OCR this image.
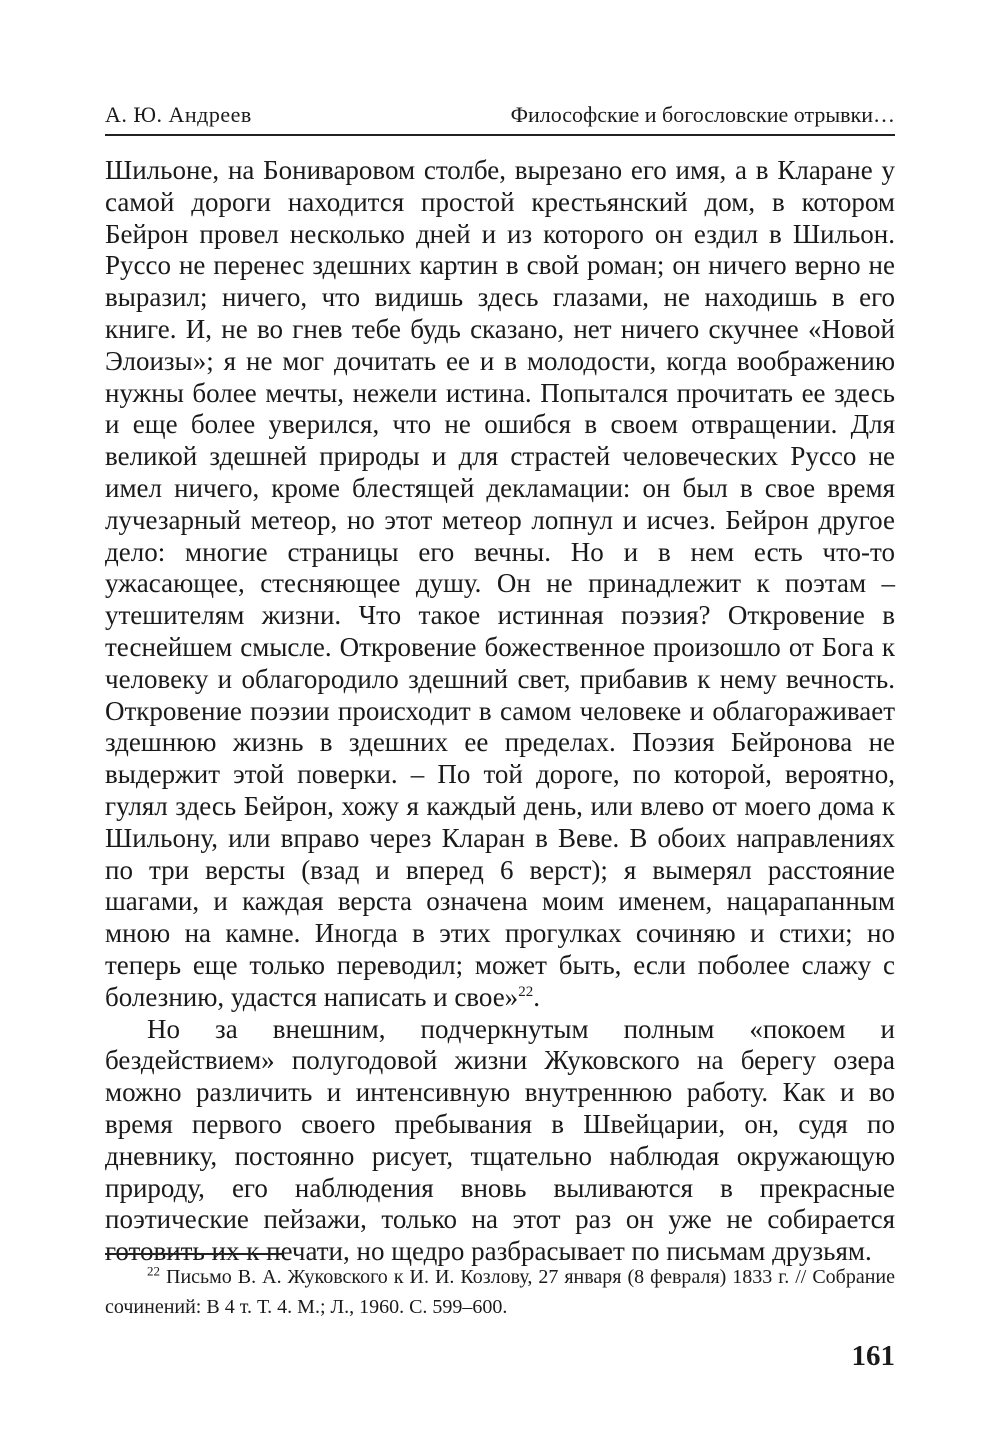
А. Ю. Андреев	Философские и богословские отрывки…

Шильоне, на Бониваровом столбе, вырезано его имя, а в Кларане у самой дороги находится простой крестьянский дом, в котором Бейрон провел несколько дней и из которого он ездил в Шильон. Руссо не перенес здешних картин в свой роман; он ничего верно не выразил; ничего, что видишь здесь глазами, не находишь в его книге. И, не во гнев тебе будь сказано, нет ничего скучнее «Новой Элоизы»; я не мог дочитать ее и в молодости, когда воображению нужны более мечты, нежели истина. Попытался прочитать ее здесь и еще более уверился, что не ошибся в своем отвращении. Для великой здешней природы и для страстей человеческих Руссо не имел ничего, кроме блестящей декламации: он был в свое время лучезарный метеор, но этот метеор лопнул и исчез. Бейрон другое дело: многие страницы его вечны. Но и в нем есть что-то ужасающее, стесняющее душу. Он не принадлежит к поэтам – утешителям жизни. Что такое истинная поэзия? Откровение в теснейшем смысле. Откровение божественное произошло от Бога к человеку и облагородило здешний свет, прибавив к нему вечность. Откровение поэзии происходит в самом человеке и облагораживает здешнюю жизнь в здешних ее пределах. Поэзия Бейронова не выдержит этой поверки. – По той дороге, по которой, вероятно, гулял здесь Бейрон, хожу я каждый день, или влево от моего дома к Шильону, или вправо через Кларан в Веве. В обоих направлениях по три версты (взад и вперед 6 верст); я вымерял расстояние шагами, и каждая верста означена моим именем, нацарапанным мною на камне. Иногда в этих прогулках сочиняю и стихи; но теперь еще только переводил; может быть, если поболее слажу с болезнию, удастся написать и свое»$^{22}$.

Но за внешним, подчеркнутым полным «покоем и бездействием» полугодовой жизни Жуковского на берегу озера можно различить и интенсивную внутреннюю работу. Как и во время первого своего пребывания в Швейцарии, он, судя по дневнику, постоянно рисует, тщательно наблюдая окружающую природу, его наблюдения вновь выливаются в прекрасные поэтические пейзажи, только на этот раз он уже не собирается готовить их к печати, но щедро разбрасывает по письмам друзьям.

$^{22}$ Письмо В. А. Жуковского к И. И. Козлову, 27 января (8 февраля) 1833 г. // Собрание сочинений: В 4 т. Т. 4. М.; Л., 1960. С. 599–600.

161
